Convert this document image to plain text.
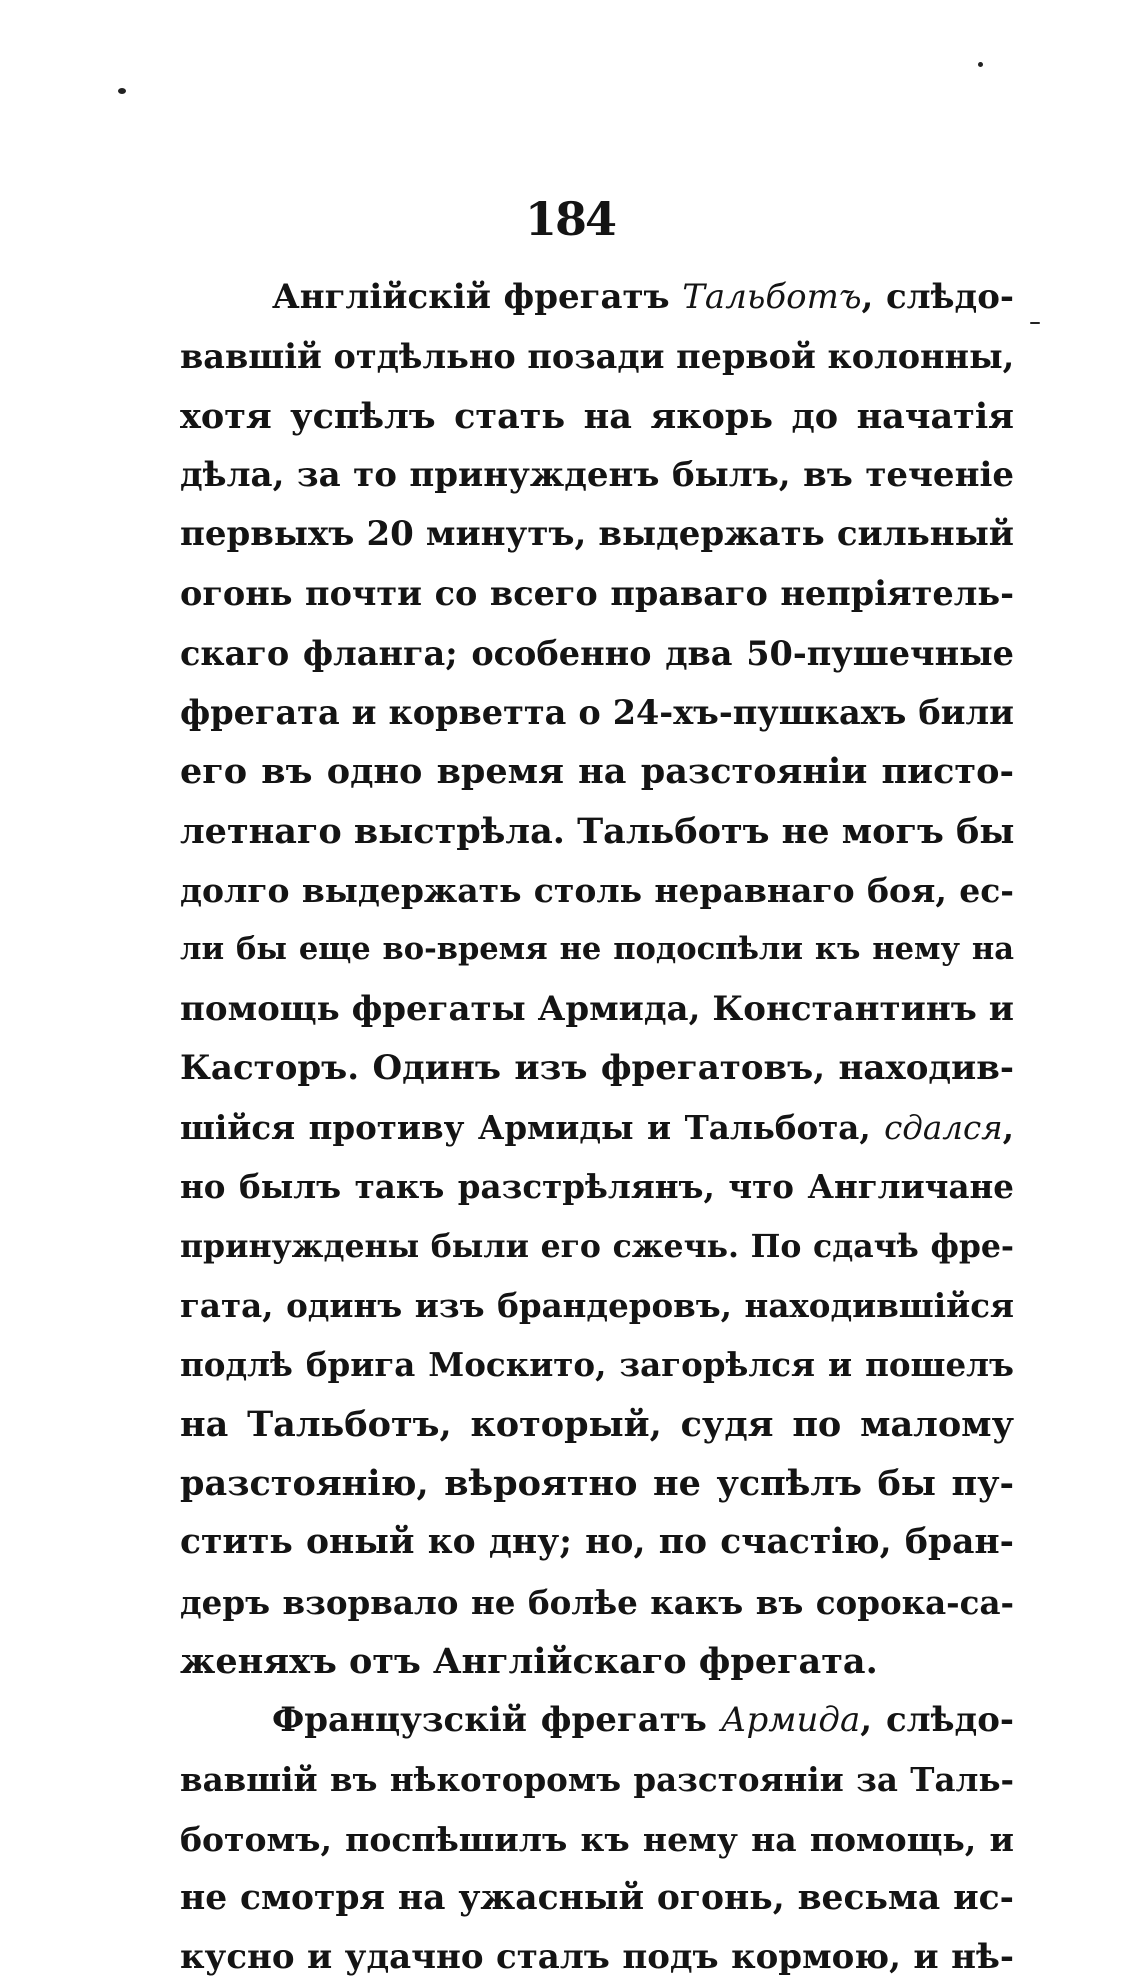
184
Англійскій фрегатъ Тальботъ, слѣдо-
вавшій отдѣльно позади первой колонны,
хотя успѣлъ стать на якорь до начатія
дѣла, за то принужденъ былъ, въ теченіе
первыхъ 20 минутъ, выдержать сильный
огонь почти со всего праваго непріятель-
скаго фланга; особенно два 50-пушечные
фрегата и корветта о 24-хъ-пушкахъ били
его въ одно время на разстояніи писто-
летнаго выстрѣла. Тальботъ не могъ бы
долго выдержать столь неравнаго боя, ес-
ли бы еще во-время не подоспѣли къ нему на
помощь фрегаты Армида, Константинъ и
Касторъ. Одинъ изъ фрегатовъ, находив-
шійся противу Армиды и Тальбота, сдался,
но былъ такъ разстрѣлянъ, что Англичане
принуждены были его сжечь. По сдачѣ фре-
гата, одинъ изъ брандеровъ, находившійся
подлѣ брига Москито, загорѣлся и пошелъ
на Тальботъ, который, судя по малому
разстоянію, вѣроятно не успѣлъ бы пу-
стить оный ко дну; но, по счастію, бран-
деръ взорвало не болѣе какъ въ сорока-са-
женяхъ отъ Англійскаго фрегата.
Французскій фрегатъ Армида, слѣдо-
вавшій въ нѣкоторомъ разстояніи за Таль-
ботомъ, поспѣшилъ къ нему на помощь, и
не смотря на ужасный огонь, весьма ис-
кусно и удачно сталъ подъ кормою, и нѣ-
